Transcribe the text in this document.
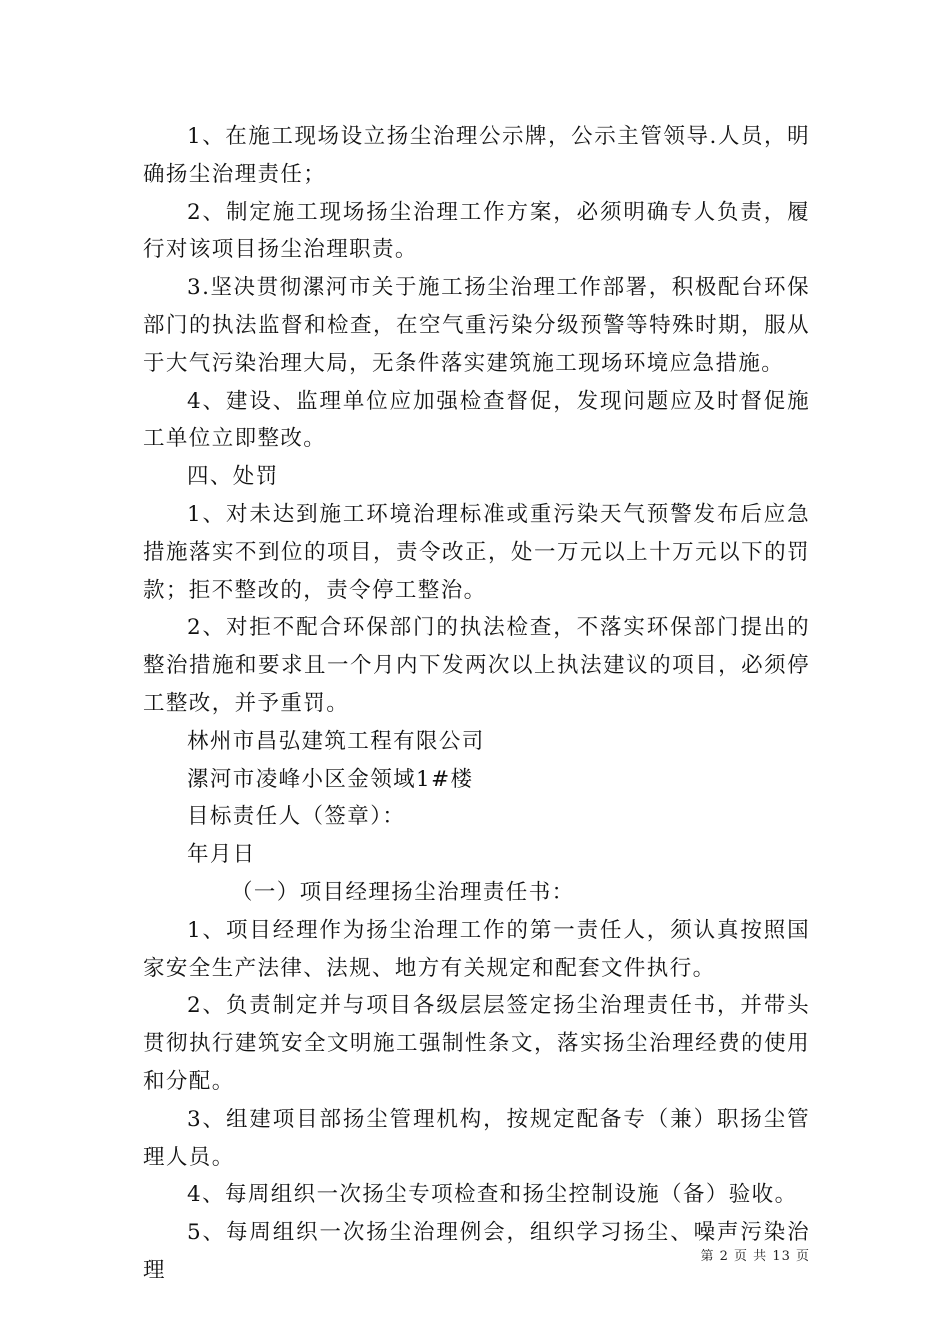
1、在施工现场设立扬尘治理公示牌，公示主管领导.人员，明确扬尘治理责任；

2、制定施工现场扬尘治理工作方案，必须明确专人负责，履行对该项目扬尘治理职责。

3.坚决贯彻漯河市关于施工扬尘治理工作部署，积极配台环保部门的执法监督和检查，在空气重污染分级预警等特殊时期，服从于大气污染治理大局，无条件落实建筑施工现场环境应急措施。

4、建设、监理单位应加强检查督促，发现问题应及时督促施工单位立即整改。

四、处罚

1、对未达到施工环境治理标准或重污染天气预警发布后应急措施落实不到位的项目，责令改正，处一万元以上十万元以下的罚款；拒不整改的，责令停工整治。

2、对拒不配合环保部门的执法检查，不落实环保部门提出的整治措施和要求且一个月内下发两次以上执法建议的项目，必须停工整改，并予重罚。

林州市昌弘建筑工程有限公司

漯河市凌峰小区金领域1#楼

目标责任人（签章）：

年月日

（一）项目经理扬尘治理责任书：

1、项目经理作为扬尘治理工作的第一责任人，须认真按照国家安全生产法律、法规、地方有关规定和配套文件执行。

2、负责制定并与项目各级层层签定扬尘治理责任书，并带头贯彻执行建筑安全文明施工强制性条文，落实扬尘治理经费的使用和分配。

3、组建项目部扬尘管理机构，按规定配备专（兼）职扬尘管理人员。

4、每周组织一次扬尘专项检查和扬尘控制设施（备）验收。

5、每周组织一次扬尘治理例会，组织学习扬尘、噪声污染治理

第 2 页 共 13 页
